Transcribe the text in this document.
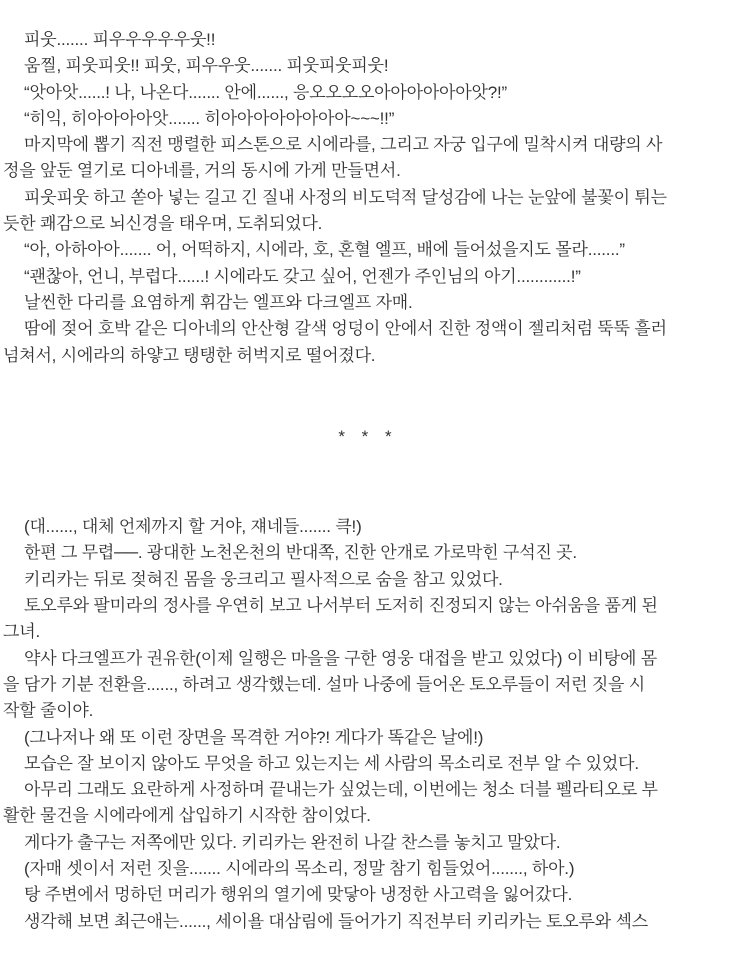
피웃....... 피우우우우우웃!!
움찔, 피웃피웃!! 피웃, 피우우웃....... 피웃피웃피웃!
“앗아앗......! 나, 나온다....... 안에......, 응오오오오아아아아아아앗?!”
“히익, 히아아아아앗....... 히아아아아아아아아~~~!!”
마지막에 뽑기 직전 맹렬한 피스톤으로 시에라를, 그리고 자궁 입구에 밀착시켜 대량의 사
정을 앞둔 열기로 디아네를, 거의 동시에 가게 만들면서.
피웃피웃 하고 쏟아 넣는 길고 긴 질내 사정의 비도덕적 달성감에 나는 눈앞에 불꽃이 튀는
듯한 쾌감으로 뇌신경을 태우며, 도취되었다.
“아, 아하아아....... 어, 어떡하지, 시에라, 호, 혼혈 엘프, 배에 들어섰을지도 몰라.......”
“괜찮아, 언니, 부럽다......! 시에라도 갖고 싶어, 언젠가 주인님의 아기............!”
날씬한 다리를 요염하게 휘감는 엘프와 다크엘프 자매.
땀에 젖어 호박 같은 디아네의 안산형 갈색 엉덩이 안에서 진한 정액이 젤리처럼 뚝뚝 흘러
넘쳐서, 시에라의 하얗고 탱탱한 허벅지로 떨어졌다.
* * *
(대......, 대체 언제까지 할 거야, 쟤네들....... 큭!)
한편 그 무렵──. 광대한 노천온천의 반대쪽, 진한 안개로 가로막힌 구석진 곳.
키리카는 뒤로 젖혀진 몸을 웅크리고 필사적으로 숨을 참고 있었다.
토오루와 팔미라의 정사를 우연히 보고 나서부터 도저히 진정되지 않는 아쉬움을 품게 된
그녀.
약사 다크엘프가 권유한(이제 일행은 마을을 구한 영웅 대접을 받고 있었다) 이 비탕에 몸
을 담가 기분 전환을......, 하려고 생각했는데. 설마 나중에 들어온 토오루들이 저런 짓을 시
작할 줄이야.
(그나저나 왜 또 이런 장면을 목격한 거야?! 게다가 똑같은 날에!)
모습은 잘 보이지 않아도 무엇을 하고 있는지는 세 사람의 목소리로 전부 알 수 있었다.
아무리 그래도 요란하게 사정하며 끝내는가 싶었는데, 이번에는 청소 더블 펠라티오로 부
활한 물건을 시에라에게 삽입하기 시작한 참이었다.
게다가 출구는 저쪽에만 있다. 키리카는 완전히 나갈 찬스를 놓치고 말았다.
(자매 셋이서 저런 짓을....... 시에라의 목소리, 정말 참기 힘들었어......., 하아.)
탕 주변에서 멍하던 머리가 행위의 열기에 맞닿아 냉정한 사고력을 잃어갔다.
생각해 보면 최근애는......, 세이욜 대삼림에 들어가기 직전부터 키리카는 토오루와 섹스
